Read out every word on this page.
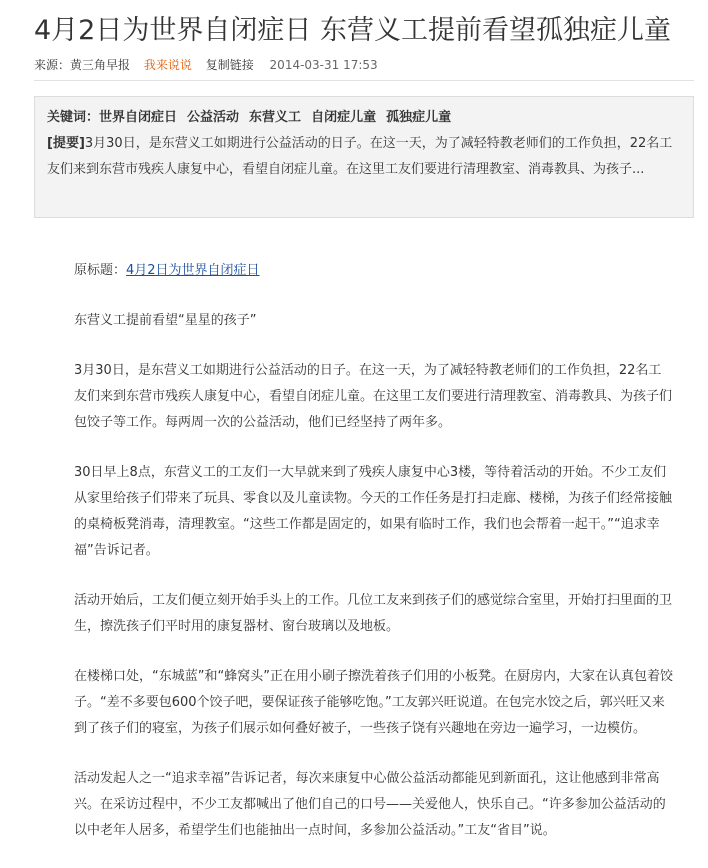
4月2日为世界自闭症日 东营义工提前看望孤独症儿童
来源：黄三角早报 我来说说 复制链接 2014-03-31 17:53
关键词：世界自闭症日 公益活动 东营义工 自闭症儿童 孤独症儿童
[提要]3月30日，是东营义工如期进行公益活动的日子。在这一天，为了减轻特教老师们的工作负担，22名工友们来到东营市残疾人康复中心，看望自闭症儿童。在这里工友们要进行清理教室、消毒教具、为孩子...

原标题：4月2日为世界自闭症日

东营义工提前看望“星星的孩子”

3月30日，是东营义工如期进行公益活动的日子。在这一天，为了减轻特教老师们的工作负担，22名工友们来到东营市残疾人康复中心，看望自闭症儿童。在这里工友们要进行清理教室、消毒教具、为孩子们包饺子等工作。每两周一次的公益活动，他们已经坚持了两年多。

30日早上8点，东营义工的工友们一大早就来到了残疾人康复中心3楼，等待着活动的开始。不少工友们从家里给孩子们带来了玩具、零食以及儿童读物。今天的工作任务是打扫走廊、楼梯，为孩子们经常接触的桌椅板凳消毒，清理教室。“这些工作都是固定的，如果有临时工作，我们也会帮着一起干。”“追求幸福”告诉记者。

活动开始后，工友们便立刻开始手头上的工作。几位工友来到孩子们的感觉综合室里，开始打扫里面的卫生，擦洗孩子们平时用的康复器材、窗台玻璃以及地板。

在楼梯口处，“东城蓝”和“蜂窝头”正在用小刷子擦洗着孩子们用的小板凳。在厨房内，大家在认真包着饺子。“差不多要包600个饺子吧，要保证孩子能够吃饱。”工友郭兴旺说道。在包完水饺之后，郭兴旺又来到了孩子们的寝室，为孩子们展示如何叠好被子，一些孩子饶有兴趣地在旁边一遍学习，一边模仿。

活动发起人之一“追求幸福”告诉记者，每次来康复中心做公益活动都能见到新面孔，这让他感到非常高兴。在采访过程中，不少工友都喊出了他们自己的口号——关爱他人，快乐自己。“许多参加公益活动的以中老年人居多，希望学生们也能抽出一点时间，多参加公益活动。”工友“省目”说。
